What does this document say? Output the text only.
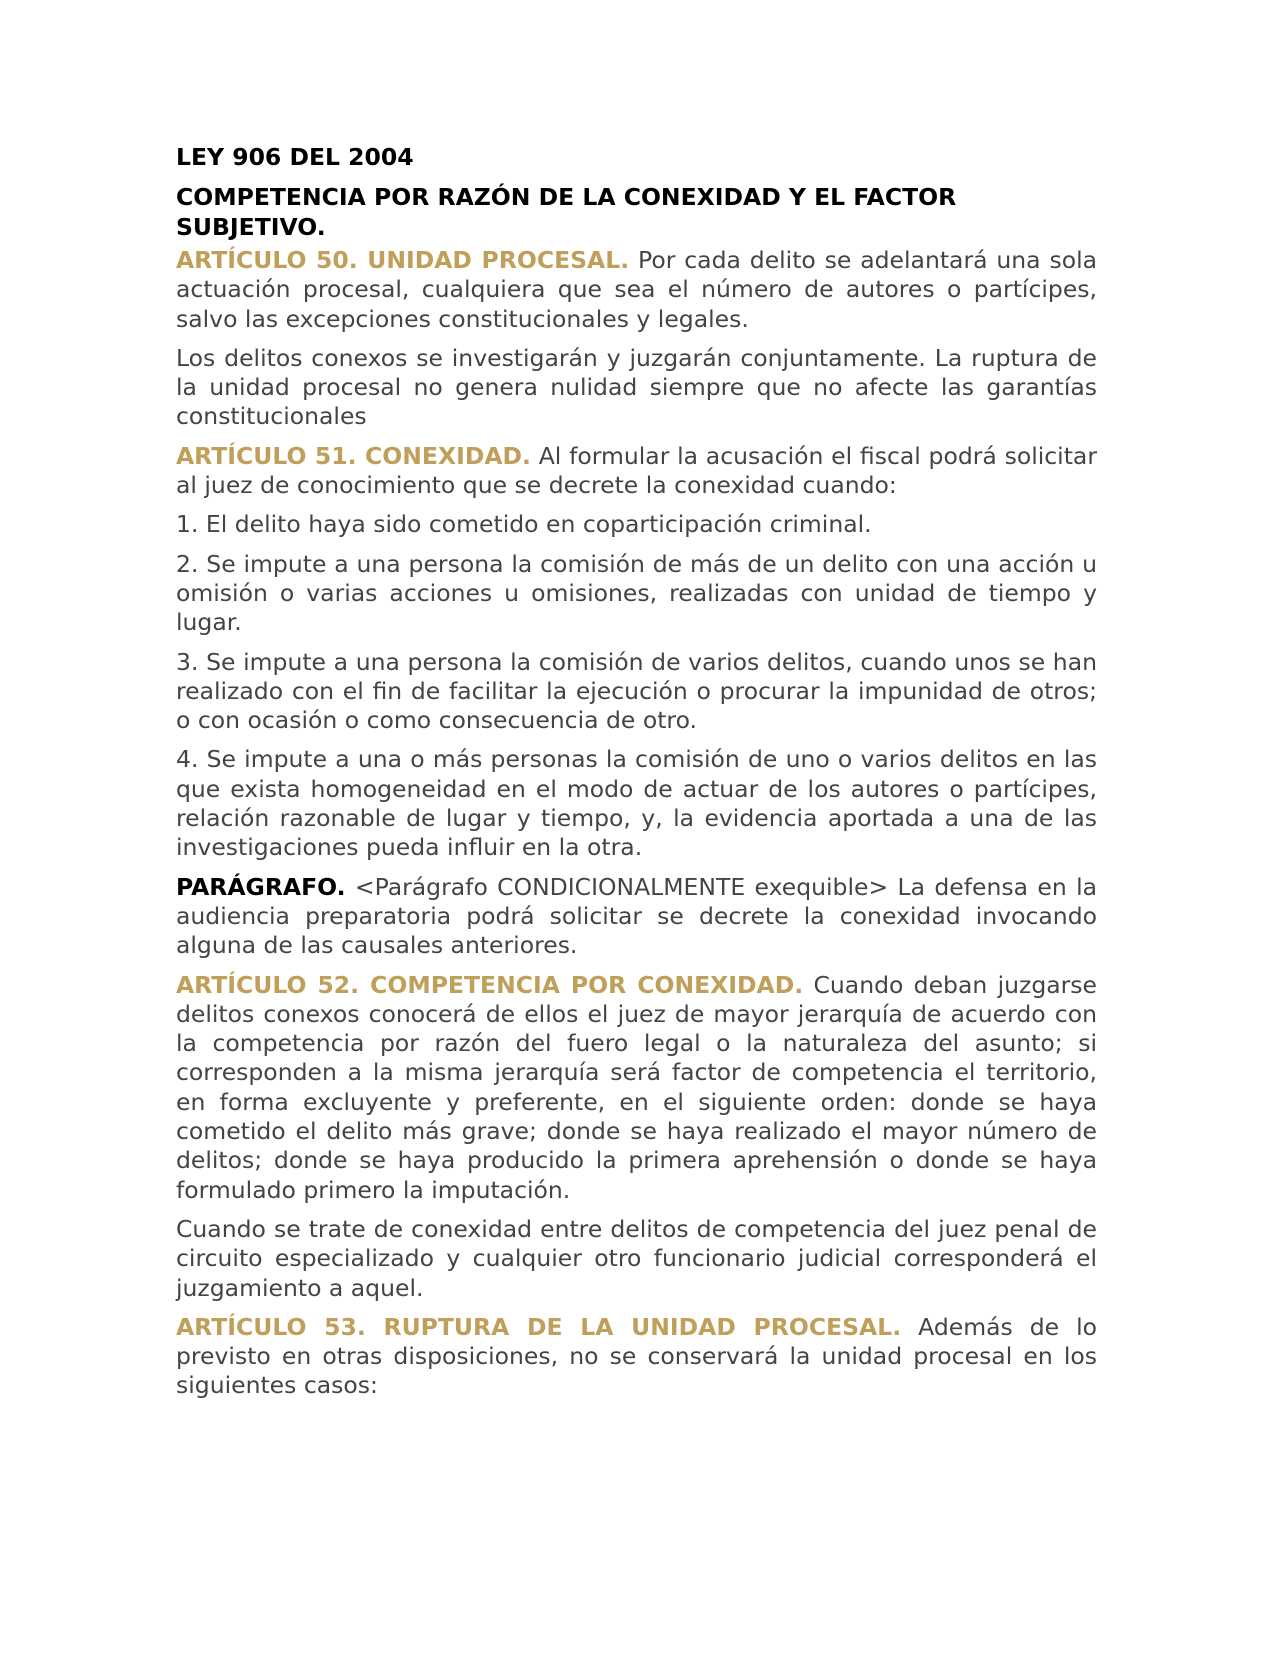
LEY 906 DEL 2004
COMPETENCIA POR RAZÓN DE LA CONEXIDAD Y EL FACTOR SUBJETIVO.

ARTÍCULO 50. UNIDAD PROCESAL. Por cada delito se adelantará una sola actuación procesal, cualquiera que sea el número de autores o partícipes, salvo las excepciones constitucionales y legales.

Los delitos conexos se investigarán y juzgarán conjuntamente. La ruptura de la unidad procesal no genera nulidad siempre que no afecte las garantías constitucionales

ARTÍCULO 51. CONEXIDAD. Al formular la acusación el fiscal podrá solicitar al juez de conocimiento que se decrete la conexidad cuando:

1. El delito haya sido cometido en coparticipación criminal.

2. Se impute a una persona la comisión de más de un delito con una acción u omisión o varias acciones u omisiones, realizadas con unidad de tiempo y lugar.

3. Se impute a una persona la comisión de varios delitos, cuando unos se han realizado con el fin de facilitar la ejecución o procurar la impunidad de otros; o con ocasión o como consecuencia de otro.

4. Se impute a una o más personas la comisión de uno o varios delitos en las que exista homogeneidad en el modo de actuar de los autores o partícipes, relación razonable de lugar y tiempo, y, la evidencia aportada a una de las investigaciones pueda influir en la otra.

PARÁGRAFO. <Parágrafo CONDICIONALMENTE exequible> La defensa en la audiencia preparatoria podrá solicitar se decrete la conexidad invocando alguna de las causales anteriores.

ARTÍCULO 52. COMPETENCIA POR CONEXIDAD. Cuando deban juzgarse delitos conexos conocerá de ellos el juez de mayor jerarquía de acuerdo con la competencia por razón del fuero legal o la naturaleza del asunto; si corresponden a la misma jerarquía será factor de competencia el territorio, en forma excluyente y preferente, en el siguiente orden: donde se haya cometido el delito más grave; donde se haya realizado el mayor número de delitos; donde se haya producido la primera aprehensión o donde se haya formulado primero la imputación.

Cuando se trate de conexidad entre delitos de competencia del juez penal de circuito especializado y cualquier otro funcionario judicial corresponderá el juzgamiento a aquel.

ARTÍCULO 53. RUPTURA DE LA UNIDAD PROCESAL. Además de lo previsto en otras disposiciones, no se conservará la unidad procesal en los siguientes casos:
